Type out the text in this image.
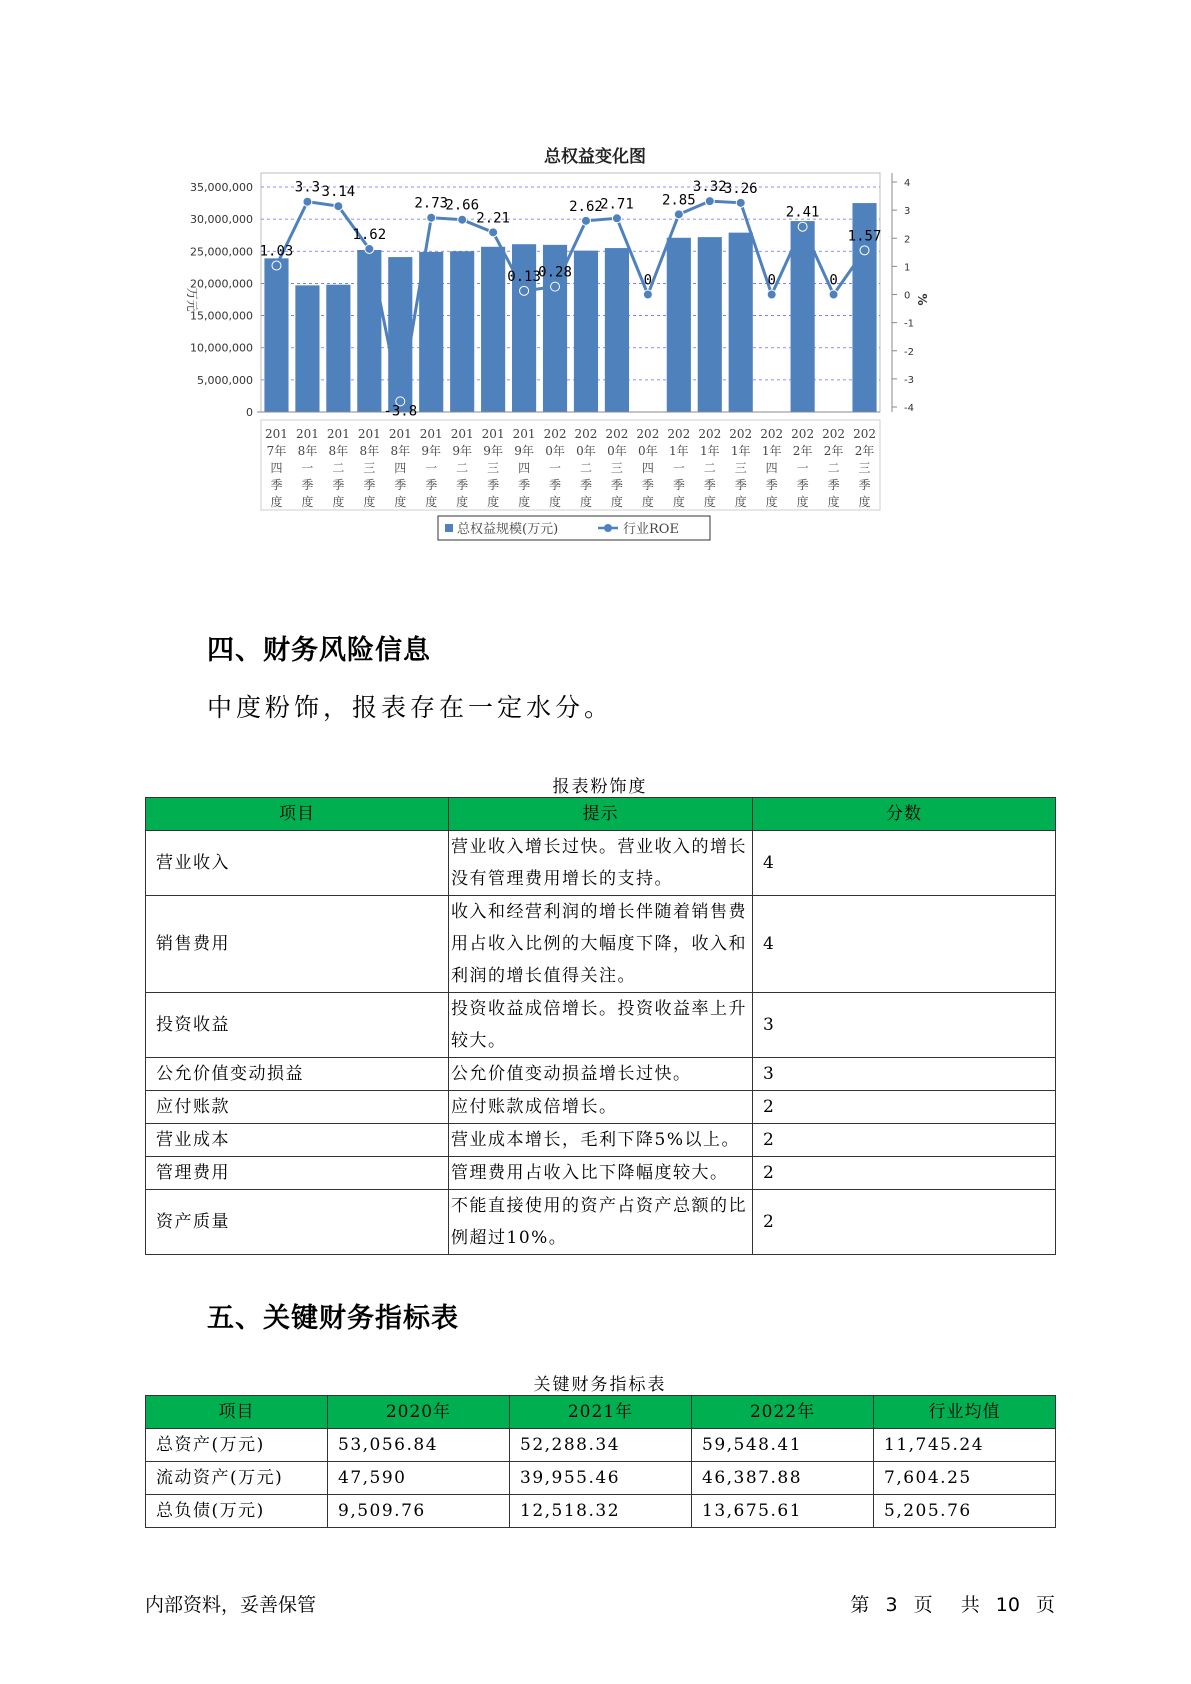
总权益变化图
0
5,000,000
10,000,000
15,000,000
20,000,000
25,000,000
30,000,000
35,000,000
-4
-3
-2
-1
0
1
2
3
4
万元	%
201 7年四季度
201 8年一季度
201 8年二季度
201 8年三季度
201 8年四季度
201 9年一季度
201 9年二季度
201 9年三季度
201 9年四季度
202 0年一季度
202 0年二季度
202 0年三季度
202 0年四季度
202 1年一季度
202 1年二季度
202 1年三季度
202 1年四季度
202 2年一季度
202 2年二季度
202 2年三季度
1.03
3.3 3.14
1.62
-3.8
2.73
2.66
2.21
0.13
0.28
2.62
2.71
0
2.85
3.32
3.26
0
2.41
0
1.57
总权益规模(万元)	行业ROE
四、财务风险信息
中度粉饰，报表存在一定水分。
报表粉饰度
项目	提示	分数
营业收入	营业收入增长过快。营业收入的增长没有管理费用增长的支持。	4
销售费用	收入和经营利润的增长伴随着销售费用占收入比例的大幅度下降，收入和利润的增长值得关注。	4
投资收益	投资收益成倍增长。投资收益率上升较大。	3
公允价值变动损益	公允价值变动损益增长过快。	3
应付账款	应付账款成倍增长。	2
营业成本	营业成本增长，毛利下降5%以上。	2
管理费用	管理费用占收入比下降幅度较大。	2
资产质量	不能直接使用的资产占资产总额的比例超过10%。	2
五、关键财务指标表
关键财务指标表
项目	2020年	2021年	2022年	行业均值
总资产(万元)	53,056.84	52,288.34	59,548.41	11,745.24
流动资产(万元)	47,590	39,955.46	46,387.88	7,604.25
总负债(万元)	9,509.76	12,518.32	13,675.61	5,205.76
内部资料，妥善保管	第 3 页 共 10 页
